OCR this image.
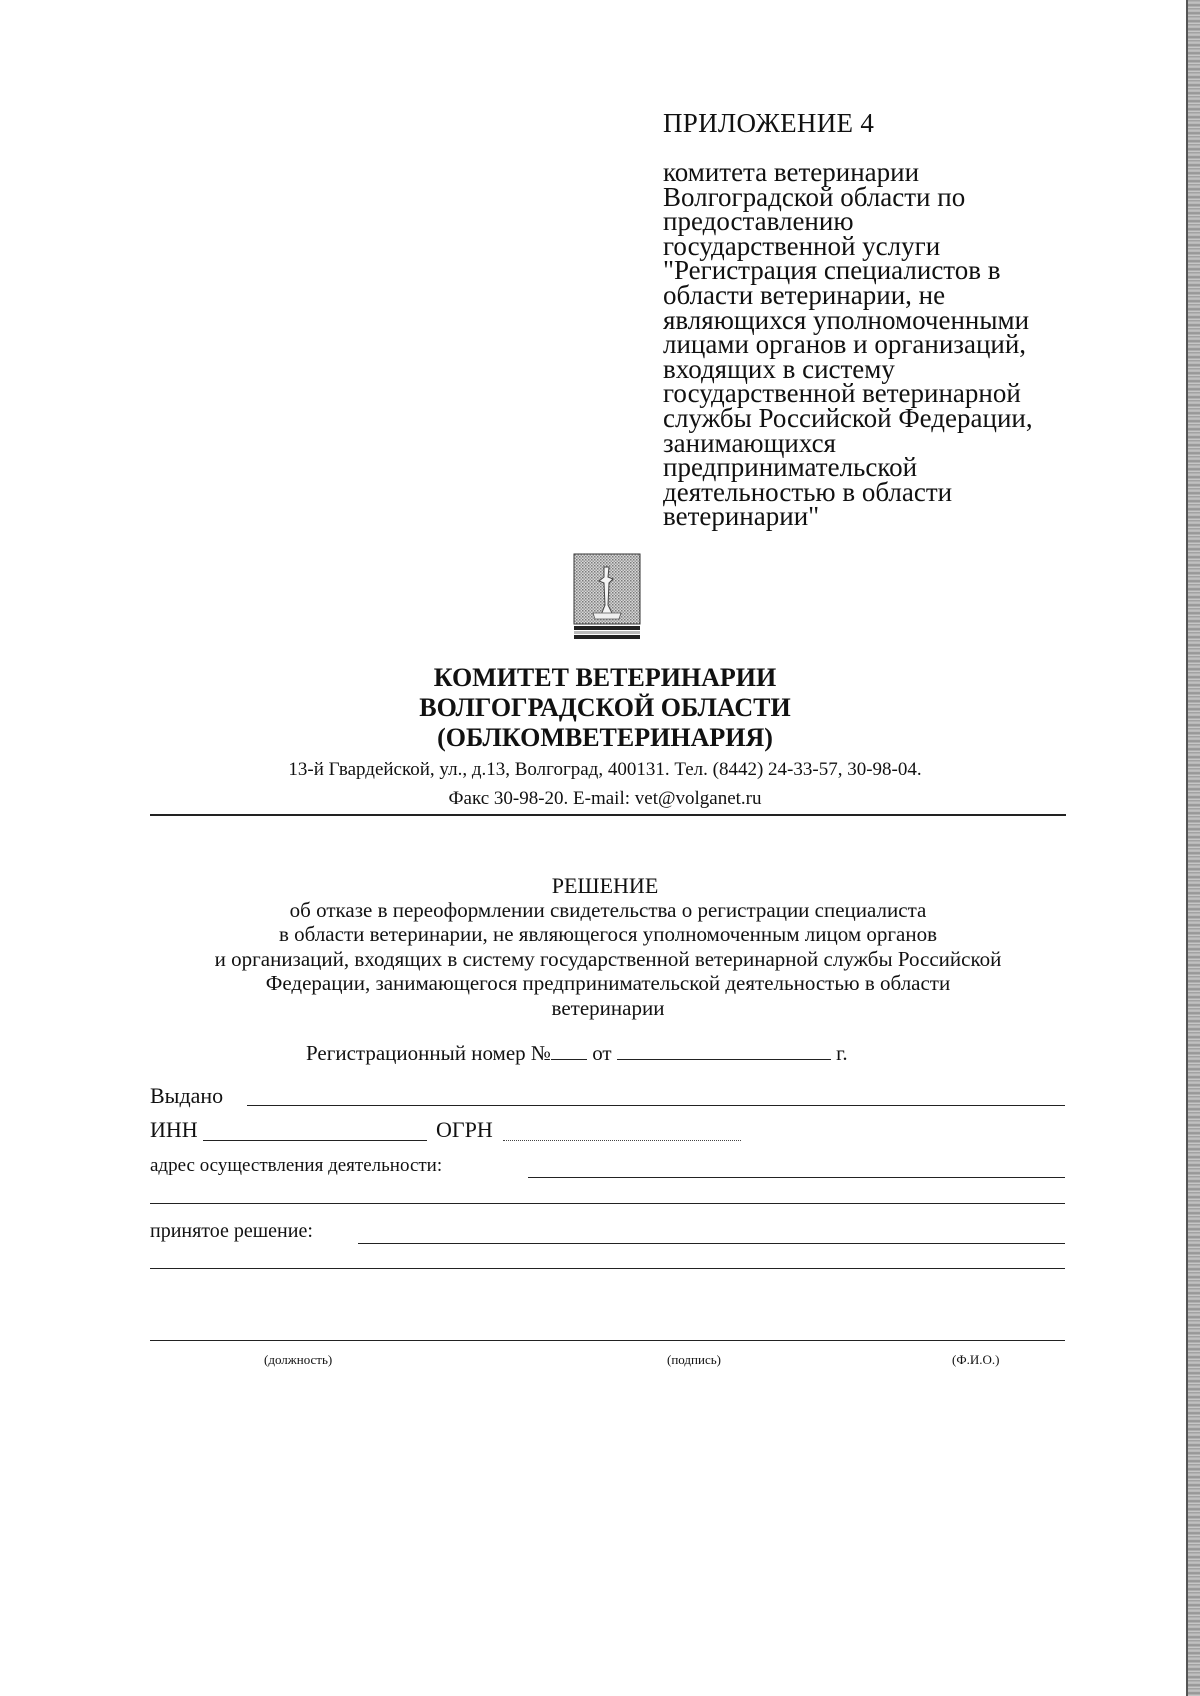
ПРИЛОЖЕНИЕ 4
комитета ветеринарии
Волгоградской области по
предоставлению
государственной услуги
"Регистрация специалистов в
области ветеринарии, не
являющихся уполномоченными
лицами органов и организаций,
входящих в систему
государственной ветеринарной
службы Российской Федерации,
занимающихся
предпринимательской
деятельностью в области
ветеринарии"
КОМИТЕТ ВЕТЕРИНАРИИ
ВОЛГОГРАДСКОЙ ОБЛАСТИ
(ОБЛКОМВЕТЕРИНАРИЯ)
13-й Гвардейской, ул., д.13, Волгоград, 400131. Тел. (8442) 24-33-57, 30-98-04.
Факс 30-98-20. E-mail: vet@volganet.ru
РЕШЕНИЕ
об отказе в переоформлении свидетельства о регистрации специалиста
в области ветеринарии, не являющегося уполномоченным лицом органов
и организаций, входящих в систему государственной ветеринарной службы Российской
Федерации, занимающегося предпринимательской деятельностью в области
ветеринарии
Регистрационный номер № от	г.
Выдано
ИНН	ОГРН
адрес осуществления деятельности:
принятое решение:
(должность)	(подпись)	(Ф.И.О.)
